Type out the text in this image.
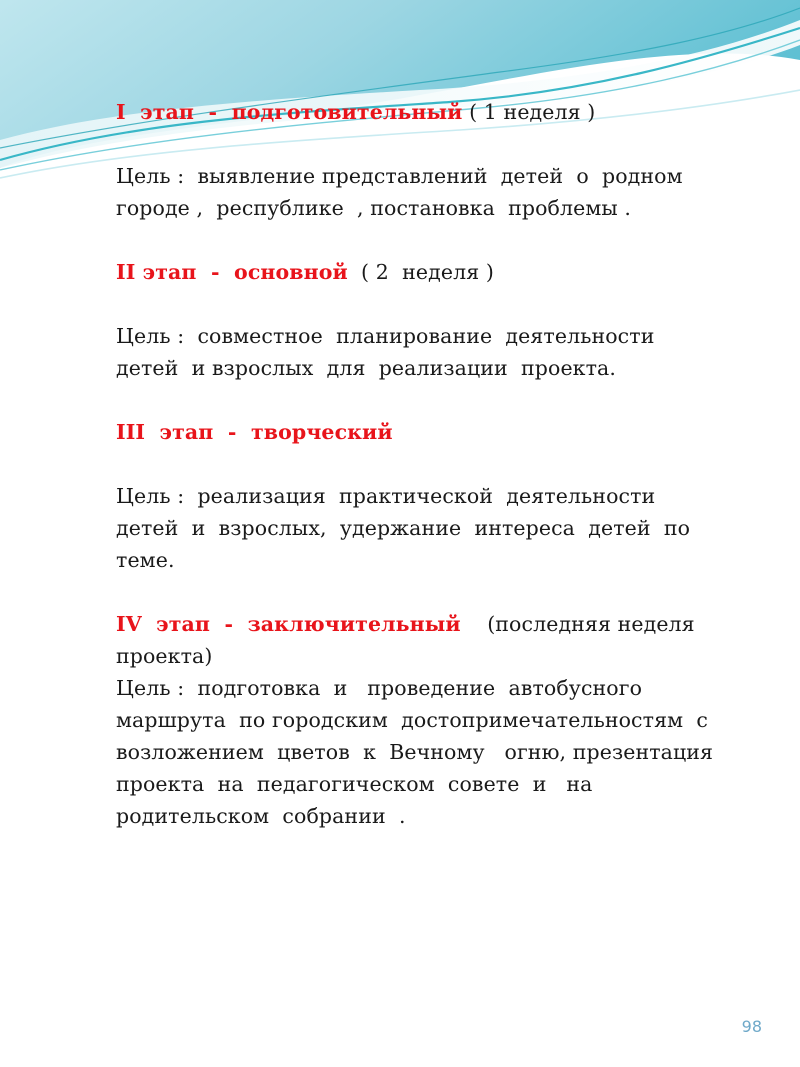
I  этап  -  подготовительный ( 1 неделя )
Цель :  выявление представлений  детей  о  родном
городе ,  республике  , постановка  проблемы .
II этап  -  основной  ( 2  неделя )
Цель :  совместное  планирование  деятельности
детей  и взрослых  для  реализации  проекта.
III  этап  -  творческий
Цель :  реализация  практической  деятельности
детей  и  взрослых,  удержание  интереса  детей  по
теме.
IV  этап  -  заключительный    (последняя неделя
проекта)
Цель :  подготовка  и   проведение  автобусного
маршрута  по городским  достопримечательностям  с
возложением  цветов  к  Вечному   огню, презентация
проекта  на  педагогическом  совете  и   на
родительском  собрании  .
98
